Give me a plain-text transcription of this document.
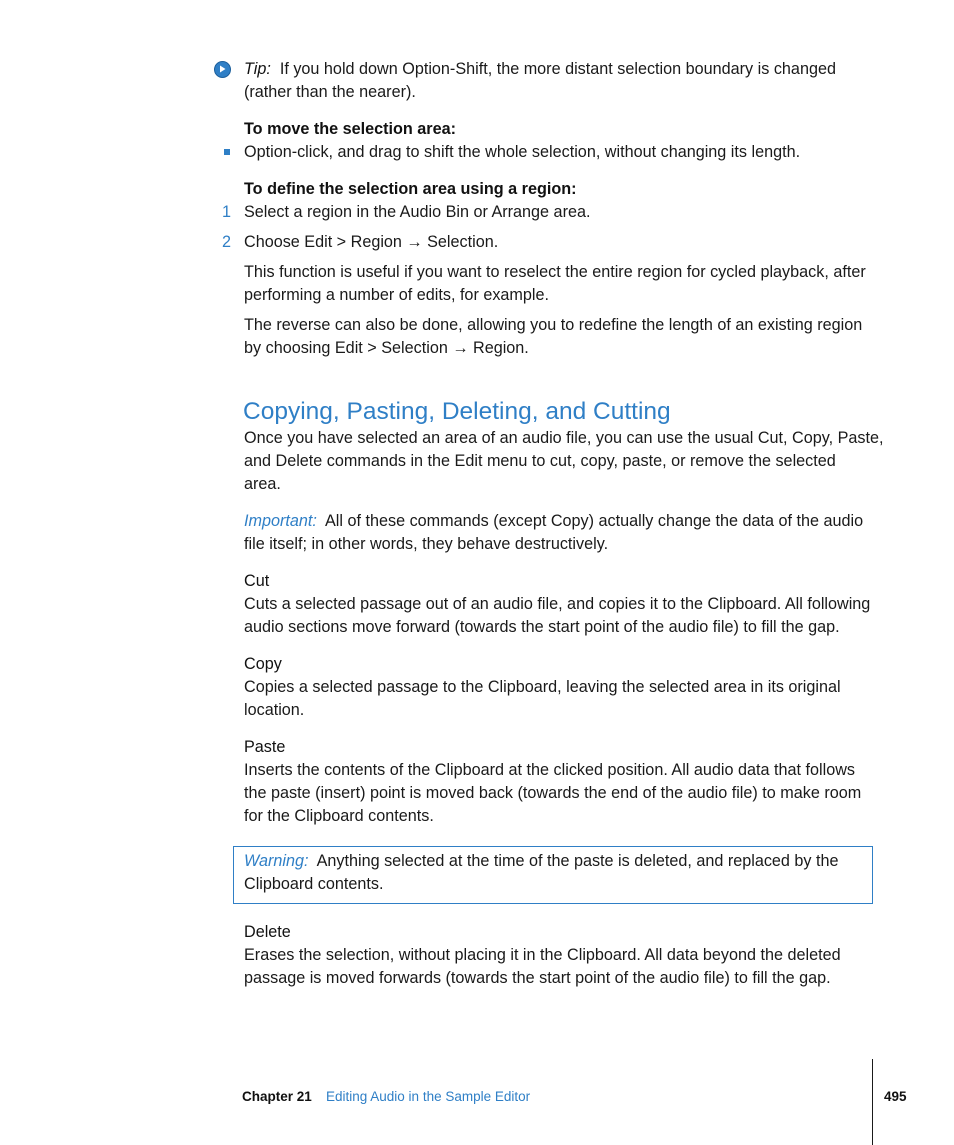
Tip: If you hold down Option-Shift, the more distant selection boundary is changed

(rather than the nearer).

To move the selection area:

Option-click, and drag to shift the whole selection, without changing its length.

To define the selection area using a region:

1 Select a region in the Audio Bin or Arrange area.

2 Choose Edit > Region → Selection.

This function is useful if you want to reselect the entire region for cycled playback, after

performing a number of edits, for example.

The reverse can also be done, allowing you to redefine the length of an existing region

by choosing Edit > Selection → Region.

Copying, Pasting, Deleting, and Cutting

Once you have selected an area of an audio file, you can use the usual Cut, Copy, Paste,

and Delete commands in the Edit menu to cut, copy, paste, or remove the selected

area.

Important: All of these commands (except Copy) actually change the data of the audio

file itself; in other words, they behave destructively.

Cut

Cuts a selected passage out of an audio file, and copies it to the Clipboard. All following

audio sections move forward (towards the start point of the audio file) to fill the gap.

Copy

Copies a selected passage to the Clipboard, leaving the selected area in its original

location.

Paste

Inserts the contents of the Clipboard at the clicked position. All audio data that follows

the paste (insert) point is moved back (towards the end of the audio file) to make room

for the Clipboard contents.

Warning: Anything selected at the time of the paste is deleted, and replaced by the

Clipboard contents.

Delete

Erases the selection, without placing it in the Clipboard. All data beyond the deleted

passage is moved forwards (towards the start point of the audio file) to fill the gap.

Chapter 21 Editing Audio in the Sample Editor	495
